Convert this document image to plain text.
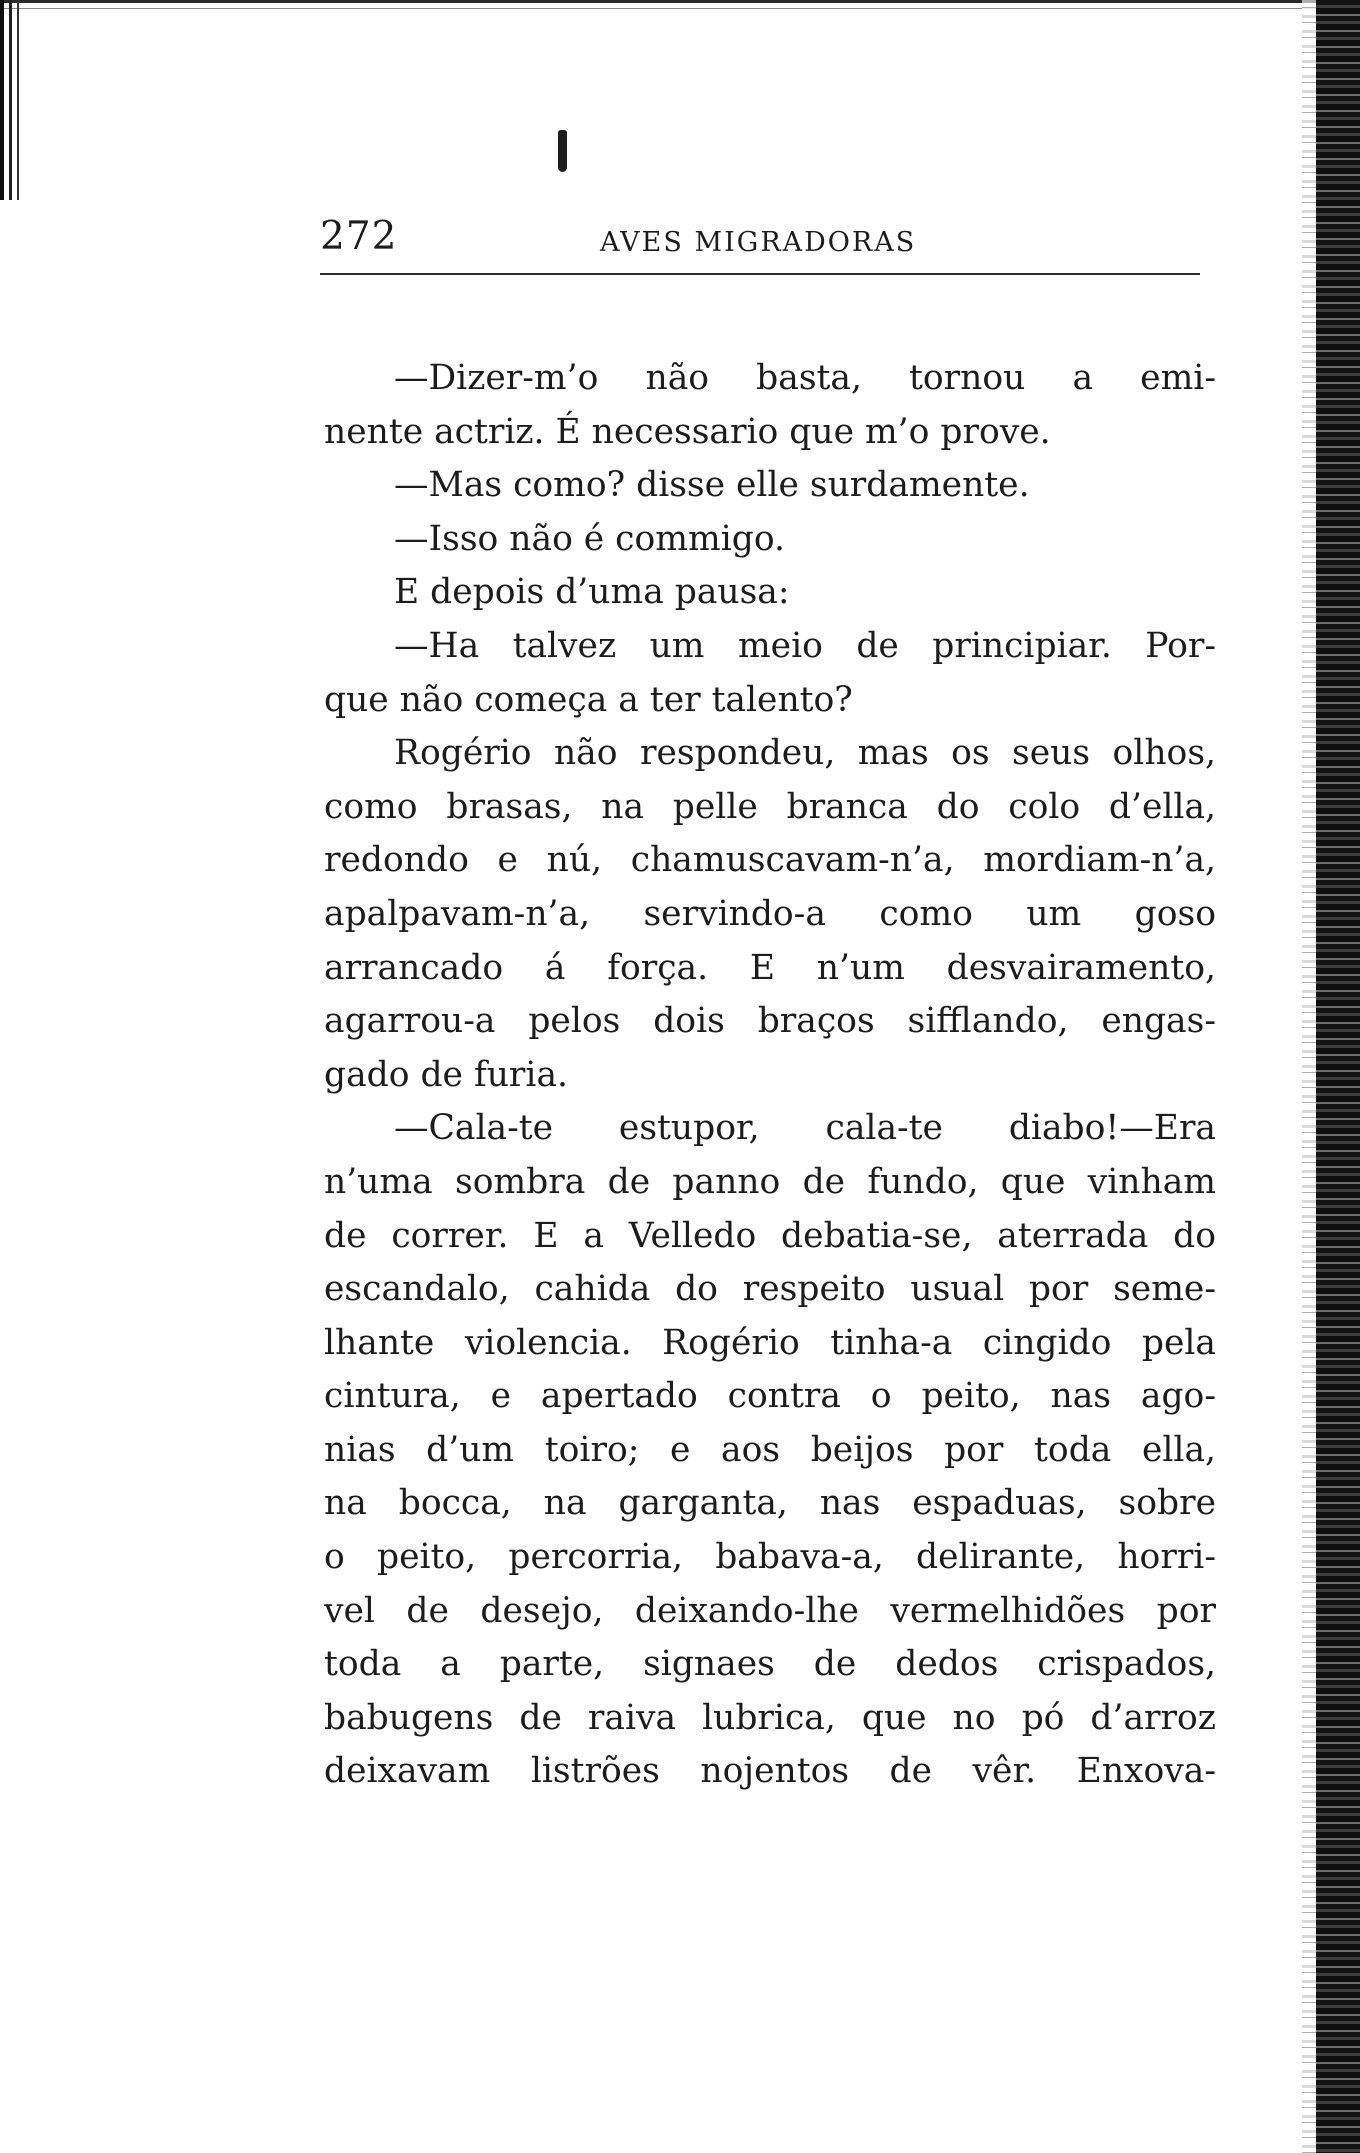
272	AVES MIGRADORAS
—Dizer-m’o não basta, tornou a emi-
nente actriz. É necessario que m’o prove.
—Mas como? disse elle surdamente.
—Isso não é commigo.
E depois d’uma pausa:
—Ha talvez um meio de principiar. Por-
que não começa a ter talento?
Rogério não respondeu, mas os seus olhos,
como brasas, na pelle branca do colo d’ella,
redondo e nú, chamuscavam-n’a, mordiam-n’a,
apalpavam-n’a, servindo-a como um goso
arrancado á força. E n’um desvairamento,
agarrou-a pelos dois braços sifflando, engas-
gado de furia.
—Cala-te estupor, cala-te diabo!—Era
n’uma sombra de panno de fundo, que vinham
de correr. E a Velledo debatia-se, aterrada do
escandalo, cahida do respeito usual por seme-
lhante violencia. Rogério tinha-a cingido pela
cintura, e apertado contra o peito, nas ago-
nias d’um toiro; e aos beijos por toda ella,
na bocca, na garganta, nas espaduas, sobre
o peito, percorria, babava-a, delirante, horri-
vel de desejo, deixando-lhe vermelhidões por
toda a parte, signaes de dedos crispados,
babugens de raiva lubrica, que no pó d’arroz
deixavam listrões nojentos de vêr. Enxova-
